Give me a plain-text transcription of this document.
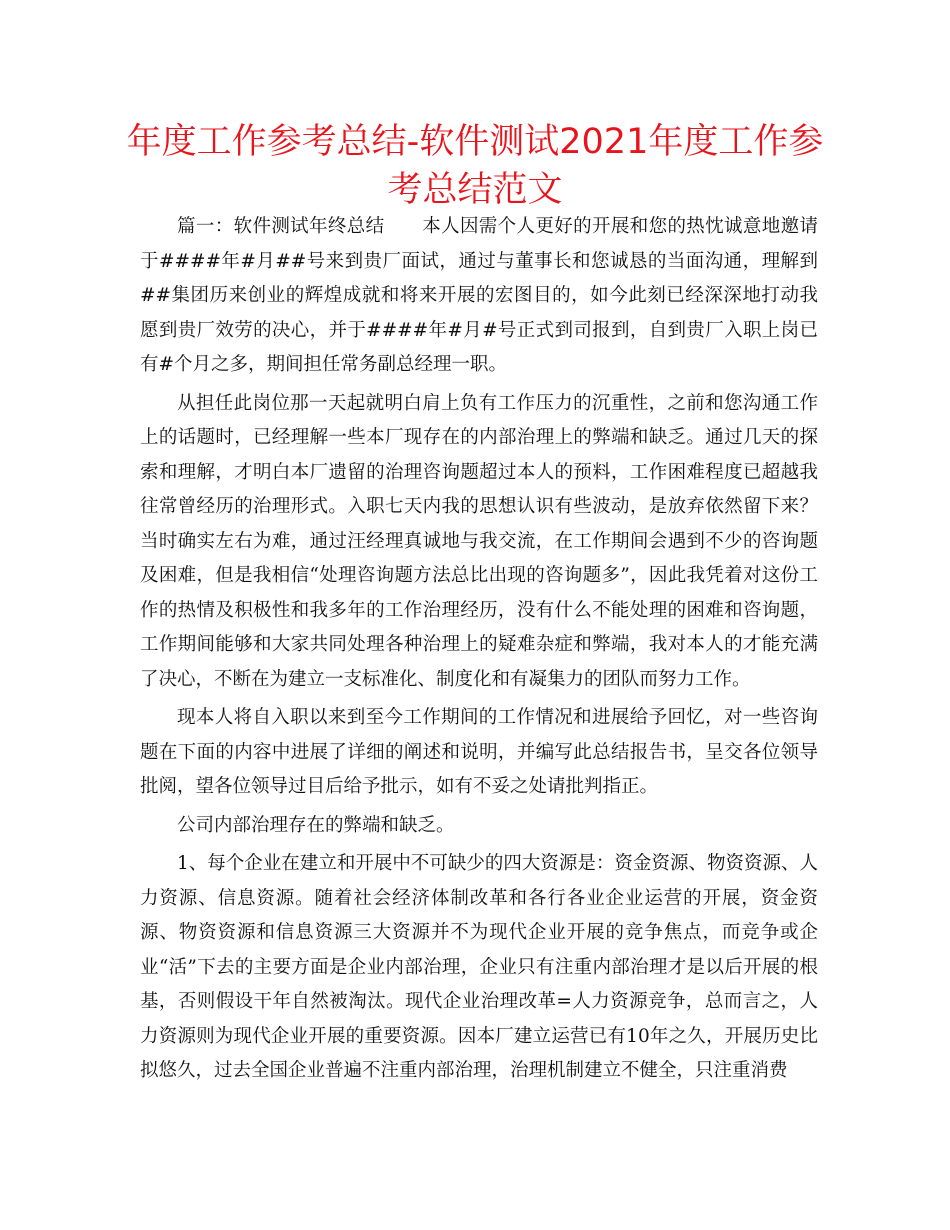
年度工作参考总结-软件测试2021年度工作参考总结范文

篇一：软件测试年终总结　　本人因需个人更好的开展和您的热忱诚意地邀请于####年#月##号来到贵厂面试，通过与董事长和您诚恳的当面沟通，理解到##集团历来创业的辉煌成就和将来开展的宏图目的，如今此刻已经深深地打动我愿到贵厂效劳的决心，并于####年#月#号正式到司报到，自到贵厂入职上岗已有#个月之多，期间担任常务副总经理一职。

从担任此岗位那一天起就明白肩上负有工作压力的沉重性，之前和您沟通工作上的话题时，已经理解一些本厂现存在的内部治理上的弊端和缺乏。通过几天的探索和理解，才明白本厂遗留的治理咨询题超过本人的预料，工作困难程度已超越我往常曾经历的治理形式。入职七天内我的思想认识有些波动，是放弃依然留下来？当时确实左右为难，通过汪经理真诚地与我交流，在工作期间会遇到不少的咨询题及困难，但是我相信“处理咨询题方法总比出现的咨询题多”，因此我凭着对这份工作的热情及积极性和我多年的工作治理经历，没有什么不能处理的困难和咨询题，工作期间能够和大家共同处理各种治理上的疑难杂症和弊端，我对本人的才能充满了决心，不断在为建立一支标准化、制度化和有凝集力的团队而努力工作。

现本人将自入职以来到至今工作期间的工作情况和进展给予回忆，对一些咨询题在下面的内容中进展了详细的阐述和说明，并编写此总结报告书，呈交各位领导批阅，望各位领导过目后给予批示，如有不妥之处请批判指正。

公司内部治理存在的弊端和缺乏。

1、每个企业在建立和开展中不可缺少的四大资源是：资金资源、物资资源、人力资源、信息资源。随着社会经济体制改革和各行各业企业运营的开展，资金资源、物资资源和信息资源三大资源并不为现代企业开展的竞争焦点，而竞争或企业“活”下去的主要方面是企业内部治理，企业只有注重内部治理才是以后开展的根基，否则假设干年自然被淘汰。现代企业治理改革=人力资源竞争，总而言之，人力资源则为现代企业开展的重要资源。因本厂建立运营已有10年之久，开展历史比拟悠久，过去全国企业普遍不注重内部治理，治理机制建立不健全，只注重消费
